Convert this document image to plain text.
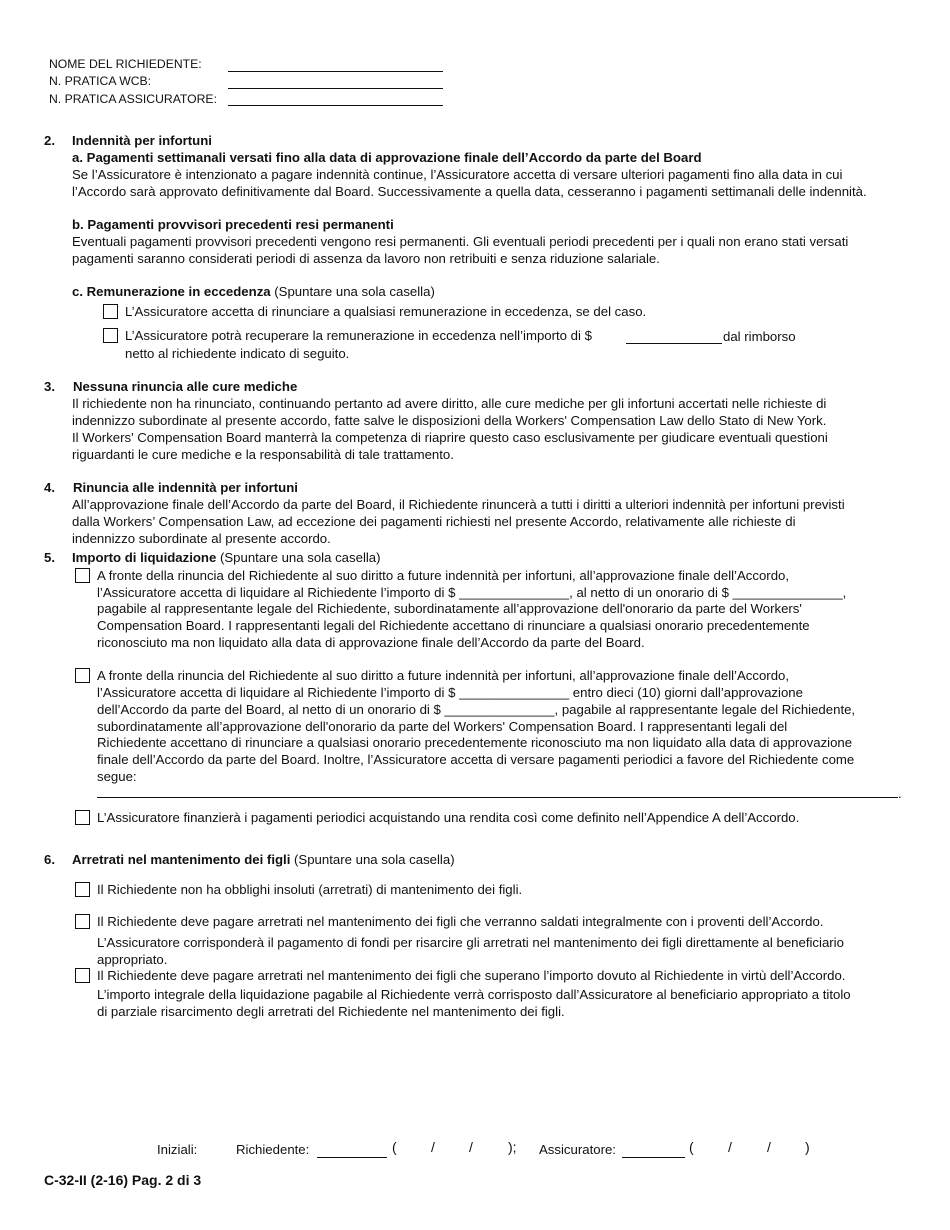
NOME DEL RICHIEDENTE:
N. PRATICA WCB:
N. PRATICA ASSICURATORE:
2. Indennità per infortuni
a. Pagamenti settimanali versati fino alla data di approvazione finale dell’Accordo da parte del Board
Se l’Assicuratore è intenzionato a pagare indennità continue, l’Assicuratore accetta di versare ulteriori pagamenti fino alla data in cui
l’Accordo sarà approvato definitivamente dal Board. Successivamente a quella data, cesseranno i pagamenti settimanali delle indennità.
b. Pagamenti provvisori precedenti resi permanenti
Eventuali pagamenti provvisori precedenti vengono resi permanenti. Gli eventuali periodi precedenti per i quali non erano stati versati
pagamenti saranno considerati periodi di assenza da lavoro non retribuiti e senza riduzione salariale.
c. Remunerazione in eccedenza (Spuntare una sola casella)
L’Assicuratore accetta di rinunciare a qualsiasi remunerazione in eccedenza, se del caso.
L’Assicuratore potrà recuperare la remunerazione in eccedenza nell’importo di $	dal rimborso
netto al richiedente indicato di seguito.
3. Nessuna rinuncia alle cure mediche
Il richiedente non ha rinunciato, continuando pertanto ad avere diritto, alle cure mediche per gli infortuni accertati nelle richieste di
indennizzo subordinate al presente accordo, fatte salve le disposizioni della Workers' Compensation Law dello Stato di New York.
Il Workers' Compensation Board manterrà la competenza di riaprire questo caso esclusivamente per giudicare eventuali questioni
riguardanti le cure mediche e la responsabilità di tale trattamento.
4. Rinuncia alle indennità per infortuni
All’approvazione finale dell’Accordo da parte del Board, il Richiedente rinuncerà a tutti i diritti a ulteriori indennità per infortuni previsti
dalla Workers’ Compensation Law, ad eccezione dei pagamenti richiesti nel presente Accordo, relativamente alle richieste di
indennizzo subordinate al presente accordo.
5. Importo di liquidazione (Spuntare una sola casella)
A fronte della rinuncia del Richiedente al suo diritto a future indennità per infortuni, all’approvazione finale dell’Accordo,
l’Assicuratore accetta di liquidare al Richiedente l’importo di $ _______________, al netto di un onorario di $ _______________,
pagabile al rappresentante legale del Richiedente, subordinatamente all’approvazione dell'onorario da parte del Workers'
Compensation Board. I rappresentanti legali del Richiedente accettano di rinunciare a qualsiasi onorario precedentemente
riconosciuto ma non liquidato alla data di approvazione finale dell’Accordo da parte del Board.
A fronte della rinuncia del Richiedente al suo diritto a future indennità per infortuni, all’approvazione finale dell’Accordo,
l’Assicuratore accetta di liquidare al Richiedente l’importo di $ _______________ entro dieci (10) giorni dall’approvazione
dell’Accordo da parte del Board, al netto di un onorario di $ _______________, pagabile al rappresentante legale del Richiedente,
subordinatamente all’approvazione dell'onorario da parte del Workers' Compensation Board. I rappresentanti legali del
Richiedente accettano di rinunciare a qualsiasi onorario precedentemente riconosciuto ma non liquidato alla data di approvazione
finale dell’Accordo da parte del Board. Inoltre, l’Assicuratore accetta di versare pagamenti periodici a favore del Richiedente come
segue:
.
L’Assicuratore finanzierà i pagamenti periodici acquistando una rendita così come definito nell’Appendice A dell’Accordo.
6. Arretrati nel mantenimento dei figli (Spuntare una sola casella)
Il Richiedente non ha obblighi insoluti (arretrati) di mantenimento dei figli.
Il Richiedente deve pagare arretrati nel mantenimento dei figli che verranno saldati integralmente con i proventi dell’Accordo.
L’Assicuratore corrisponderà il pagamento di fondi per risarcire gli arretrati nel mantenimento dei figli direttamente al beneficiario
appropriato.
Il Richiedente deve pagare arretrati nel mantenimento dei figli che superano l’importo dovuto al Richiedente in virtù dell’Accordo.
L’importo integrale della liquidazione pagabile al Richiedente verrà corrisposto dall’Assicuratore al beneficiario appropriato a titolo
di parziale risarcimento degli arretrati del Richiedente nel mantenimento dei figli.
Iniziali:	Richiedente:	( / /	); Assicuratore:	( /	/ )
C-32-II (2-16) Pag. 2 di 3
